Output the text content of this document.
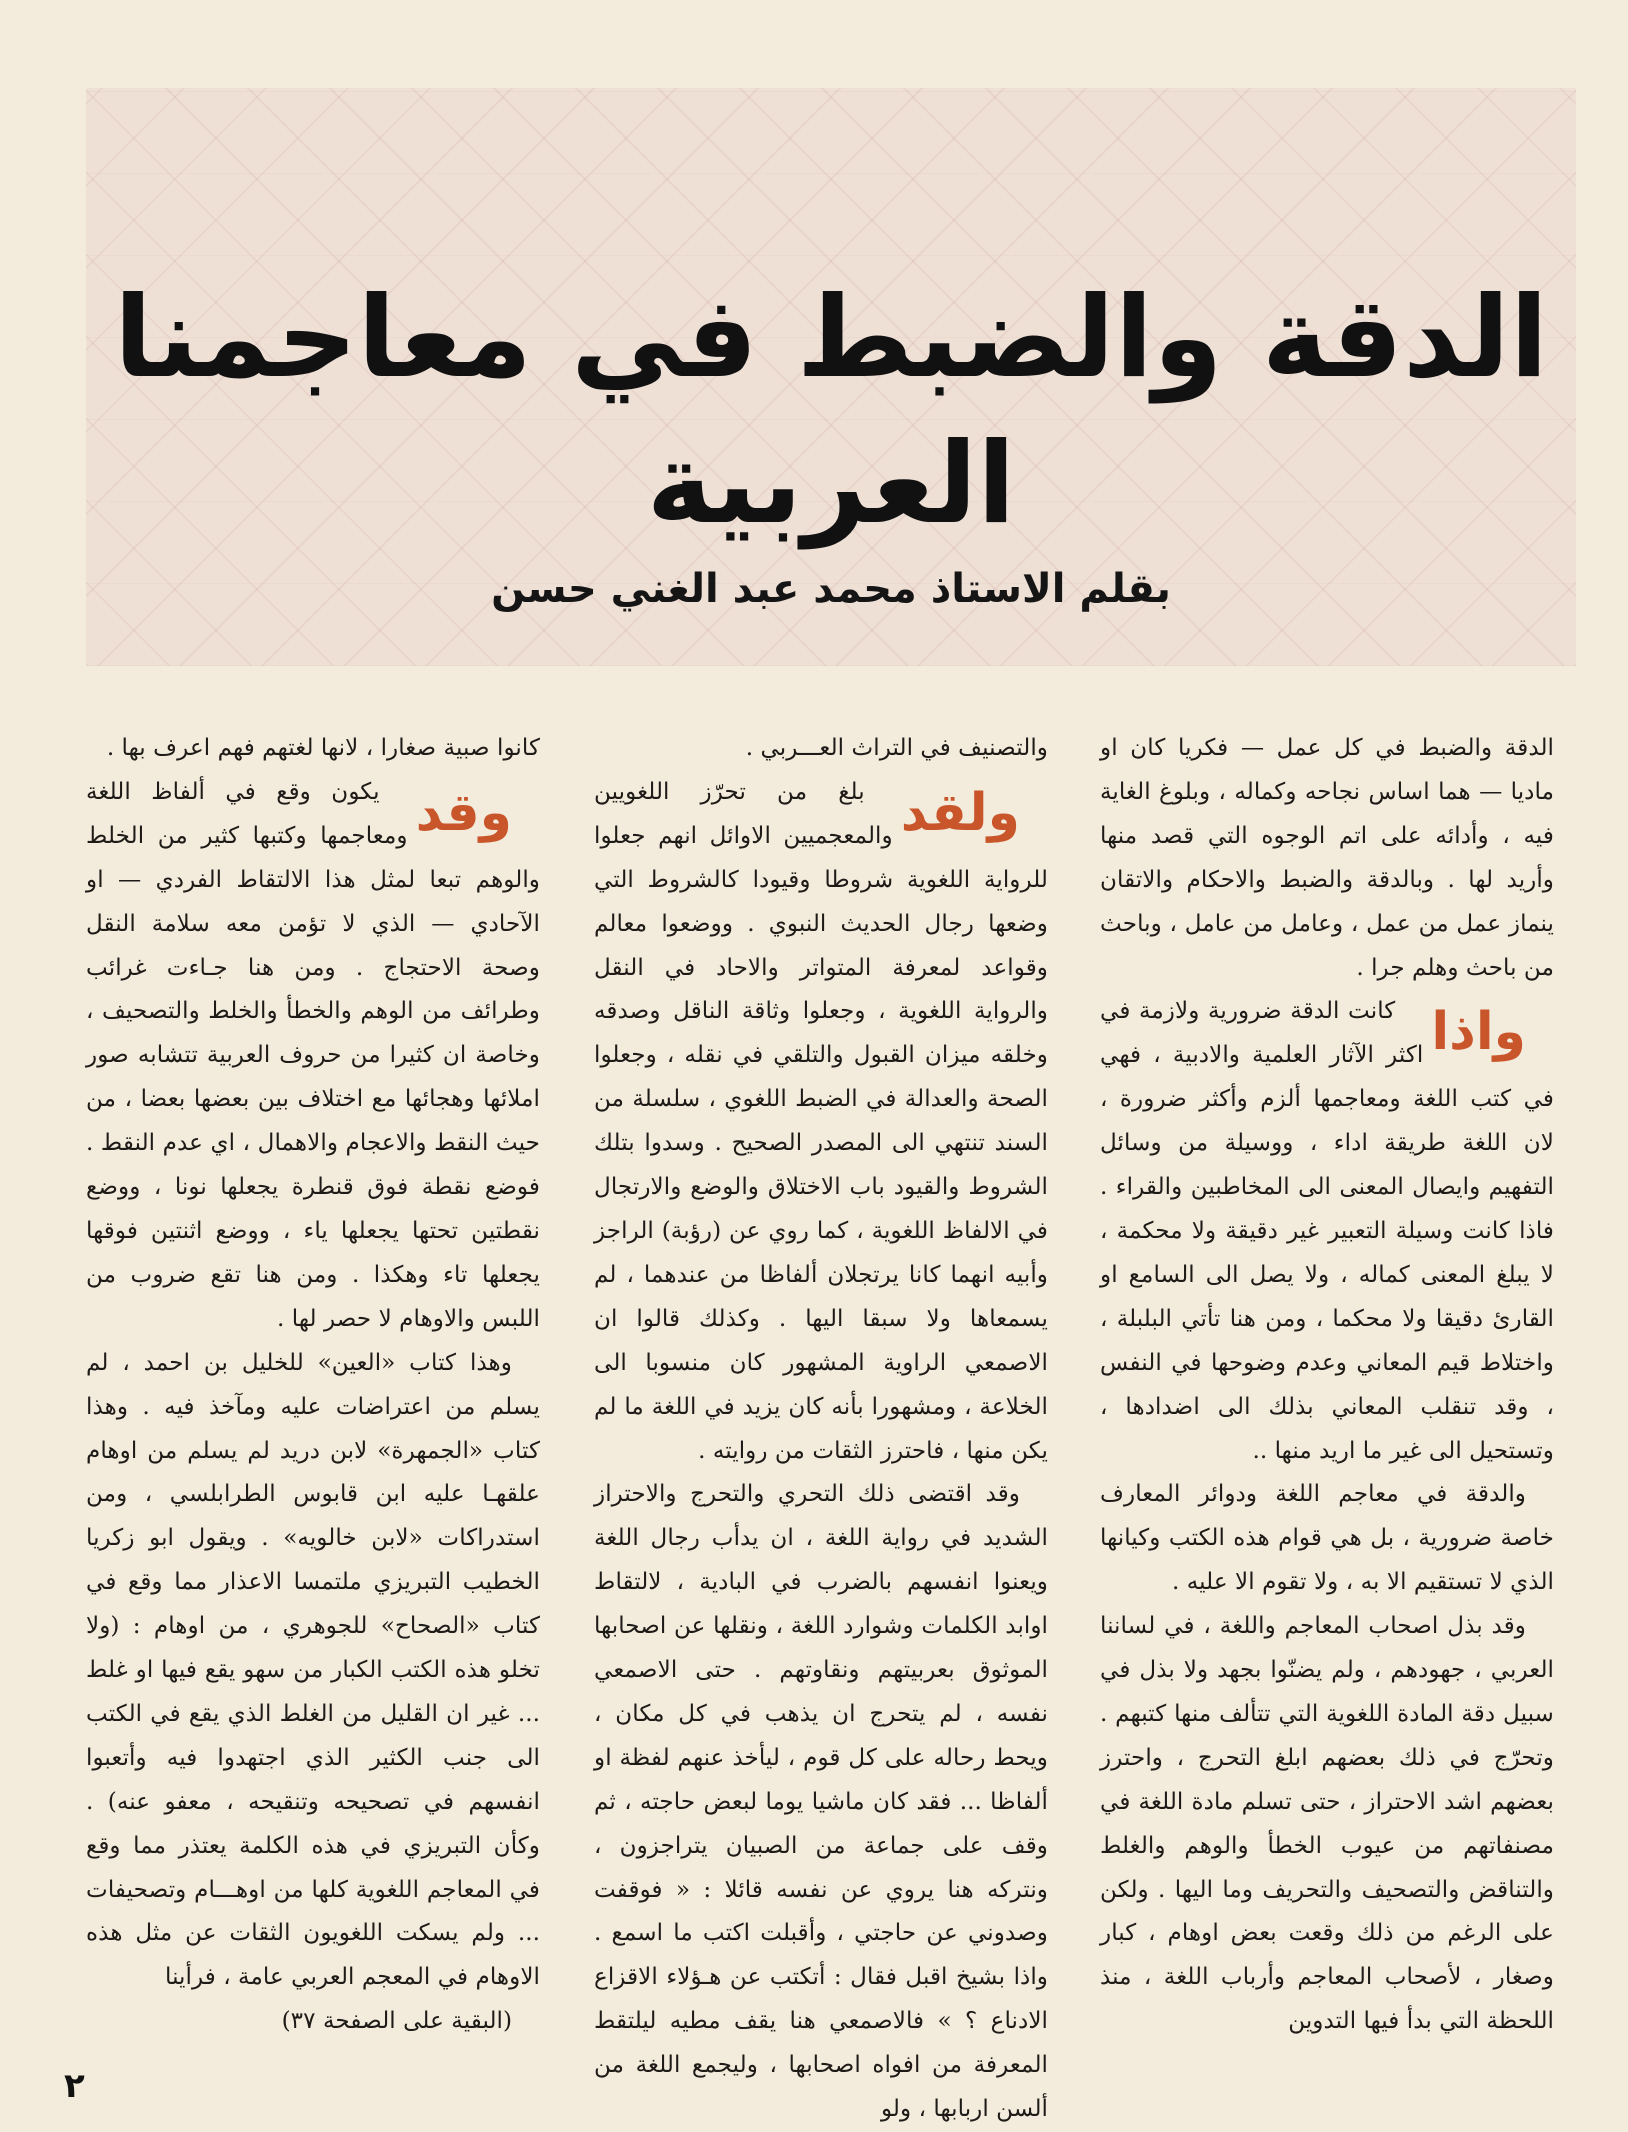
الدقة والضبط في معاجمنا العربية
بقلم الاستاذ محمد عبد الغني حسن

الدقة والضبط في كل عمل — فكريا كان او ماديا — هما اساس نجاحه وكماله ، وبلوغ الغاية فيه ، وأدائه على اتم الوجوه التي قصد منها وأريد لها . وبالدقة والضبط والاحكام والاتقان ينماز عمل من عمل ، وعامل من عامل ، وباحث من باحث وهلم جرا .

واذا
كانت الدقة ضرورية ولازمة في اكثر الآثار العلمية والادبية ، فهي في كتب اللغة ومعاجمها ألزم وأكثر ضرورة ، لان اللغة طريقة اداء ، ووسيلة من وسائل التفهيم وايصال المعنى الى المخاطبين والقراء . فاذا كانت وسيلة التعبير غير دقيقة ولا محكمة ، لا يبلغ المعنى كماله ، ولا يصل الى السامع او القارئ دقيقا ولا محكما ، ومن هنا تأتي البلبلة ، واختلاط قيم المعاني وعدم وضوحها في النفس ، وقد تنقلب المعاني بذلك الى اضدادها ، وتستحيل الى غير ما اريد منها ..

والدقة في معاجم اللغة ودوائر المعارف خاصة ضرورية ، بل هي قوام هذه الكتب وكيانها الذي لا تستقيم الا به ، ولا تقوم الا عليه .

وقد بذل اصحاب المعاجم واللغة ، في لساننا العربي ، جهودهم ، ولم يضنّوا بجهد ولا بذل في سبيل دقة المادة اللغوية التي تتألف منها كتبهم . وتحرّج في ذلك بعضهم ابلغ التحرج ، واحترز بعضهم اشد الاحتراز ، حتى تسلم مادة اللغة في مصنفاتهم من عيوب الخطأ والوهم والغلط والتناقض والتصحيف والتحريف وما اليها . ولكن على الرغم من ذلك وقعت بعض اوهام ، كبار وصغار ، لأصحاب المعاجم وأرباب اللغة ، منذ اللحظة التي بدأ فيها التدوين

والتصنيف في التراث العـــربي .

ولقد
بلغ من تحرّز اللغويين والمعجميين الاوائل انهم جعلوا للرواية اللغوية شروطا وقيودا كالشروط التي وضعها رجال الحديث النبوي . ووضعوا معالم وقواعد لمعرفة المتواتر والاحاد في النقل والرواية اللغوية ، وجعلوا وثاقة الناقل وصدقه وخلقه ميزان القبول والتلقي في نقله ، وجعلوا الصحة والعدالة في الضبط اللغوي ، سلسلة من السند تنتهي الى المصدر الصحيح . وسدوا بتلك الشروط والقيود باب الاختلاق والوضع والارتجال في الالفاظ اللغوية ، كما روي عن (رؤبة) الراجز وأبيه انهما كانا يرتجلان ألفاظا من عندهما ، لم يسمعاها ولا سبقا اليها . وكذلك قالوا ان الاصمعي الراوية المشهور كان منسوبا الى الخلاعة ، ومشهورا بأنه كان يزيد في اللغة ما لم يكن منها ، فاحترز الثقات من روايته .

وقد اقتضى ذلك التحري والتحرج والاحتراز الشديد في رواية اللغة ، ان يدأب رجال اللغة ويعنوا انفسهم بالضرب في البادية ، لالتقاط اوابد الكلمات وشوارد اللغة ، ونقلها عن اصحابها الموثوق بعربيتهم ونقاوتهم . حتى الاصمعي نفسه ، لم يتحرج ان يذهب في كل مكان ، ويحط رحاله على كل قوم ، ليأخذ عنهم لفظة او ألفاظا ... فقد كان ماشيا يوما لبعض حاجته ، ثم وقف على جماعة من الصبيان يتراجزون ، ونتركه هنا يروي عن نفسه قائلا : « فوقفت وصدوني عن حاجتي ، وأقبلت اكتب ما اسمع . واذا بشيخ اقبل فقال : أتكتب عن هـؤلاء الاقزاع الادناع ؟ » فالاصمعي هنا يقف مطيه ليلتقط المعرفة من افواه اصحابها ، وليجمع اللغة من ألسن اربابها ، ولو

كانوا صبية صغارا ، لانها لغتهم فهم اعرف بها .

وقد
يكون وقع في ألفاظ اللغة ومعاجمها وكتبها كثير من الخلط والوهم تبعا لمثل هذا الالتقاط الفردي — او الآحادي — الذي لا تؤمن معه سلامة النقل وصحة الاحتجاج . ومن هنا جـاءت غرائب وطرائف من الوهم والخطأ والخلط والتصحيف ، وخاصة ان كثيرا من حروف العربية تتشابه صور املائها وهجائها مع اختلاف بين بعضها بعضا ، من حيث النقط والاعجام والاهمال ، اي عدم النقط . فوضع نقطة فوق قنطرة يجعلها نونا ، ووضع نقطتين تحتها يجعلها ياء ، ووضع اثنتين فوقها يجعلها تاء وهكذا . ومن هنا تقع ضروب من اللبس والاوهام لا حصر لها .

وهذا كتاب «العين» للخليل بن احمد ، لم يسلم من اعتراضات عليه ومآخذ فيه . وهذا كتاب «الجمهرة» لابن دريد لم يسلم من اوهام علقهـا عليه ابن قابوس الطرابلسي ، ومن استدراكات «لابن خالويه» . ويقول ابو زكريا الخطيب التبريزي ملتمسا الاعذار مما وقع في كتاب «الصحاح» للجوهري ، من اوهام : (ولا تخلو هذه الكتب الكبار من سهو يقع فيها او غلط ... غير ان القليل من الغلط الذي يقع في الكتب الى جنب الكثير الذي اجتهدوا فيه وأتعبوا انفسهم في تصحيحه وتنقيحه ، معفو عنه) . وكأن التبريزي في هذه الكلمة يعتذر مما وقع في المعاجم اللغوية كلها من اوهـــام وتصحيفات ... ولم يسكت اللغويون الثقات عن مثل هذه الاوهام في المعجم العربي عامة ، فرأينا

(البقية على الصفحة ٣٧)

٢
